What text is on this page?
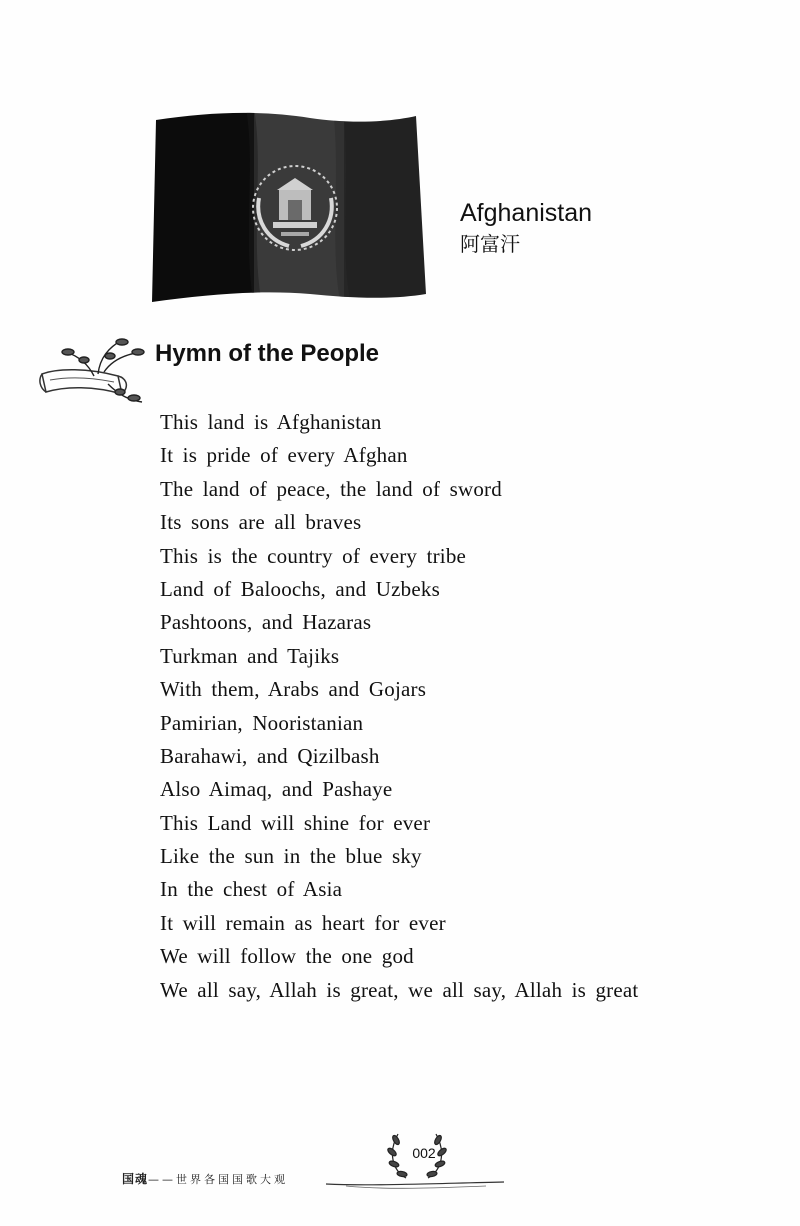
Afghanistan
阿富汗
Hymn of the People
This land is Afghanistan
It is pride of every Afghan
The land of peace, the land of sword
Its sons are all braves
This is the country of every tribe
Land of Baloochs, and Uzbeks
Pashtoons, and Hazaras
Turkman and Tajiks
With them, Arabs and Gojars
Pamirian, Nooristanian
Barahawi, and Qizilbash
Also Aimaq, and Pashaye
This Land will shine for ever
Like the sun in the blue sky
In the chest of Asia
It will remain as heart for ever
We will follow the one god
We all say, Allah is great, we all say, Allah is great
国魂——世界各国国歌大观
002
